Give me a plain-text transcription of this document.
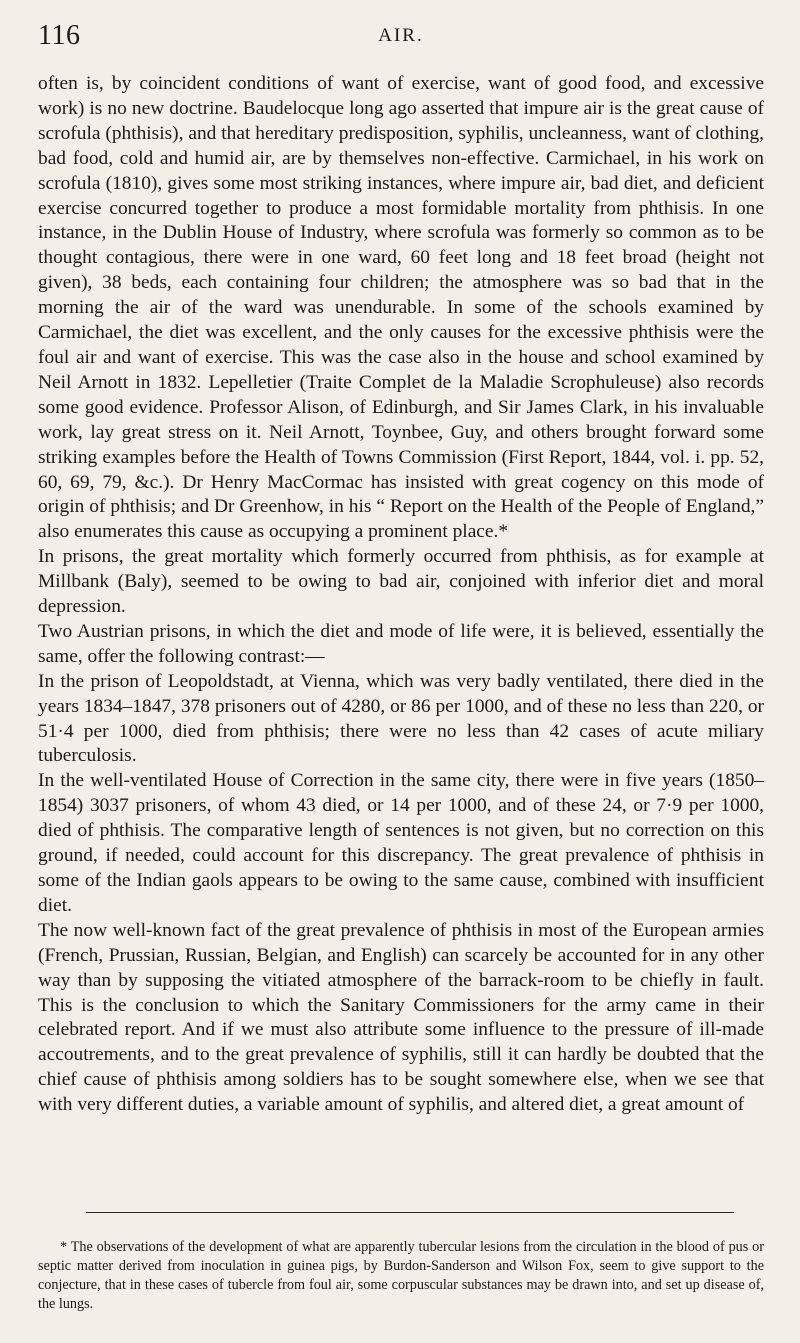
116	AIR.

often is, by coincident conditions of want of exercise, want of good food, and excessive work) is no new doctrine. Baudelocque long ago asserted that impure air is the great cause of scrofula (phthisis), and that hereditary predisposition, syphilis, uncleanness, want of clothing, bad food, cold and humid air, are by themselves non-effective. Carmichael, in his work on scrofula (1810), gives some most striking instances, where impure air, bad diet, and deficient exercise concurred together to produce a most formidable mortality from phthisis. In one instance, in the Dublin House of Industry, where scrofula was formerly so common as to be thought contagious, there were in one ward, 60 feet long and 18 feet broad (height not given), 38 beds, each containing four children; the atmosphere was so bad that in the morning the air of the ward was unendurable. In some of the schools examined by Carmichael, the diet was excellent, and the only causes for the excessive phthisis were the foul air and want of exercise. This was the case also in the house and school examined by Neil Arnott in 1832. Lepelletier (Traite Complet de la Maladie Scrophuleuse) also records some good evidence. Professor Alison, of Edinburgh, and Sir James Clark, in his invaluable work, lay great stress on it. Neil Arnott, Toynbee, Guy, and others brought forward some striking examples before the Health of Towns Commission (First Report, 1844, vol. i. pp. 52, 60, 69, 79, &c.). Dr Henry MacCormac has insisted with great cogency on this mode of origin of phthisis; and Dr Greenhow, in his “ Report on the Health of the People of England,” also enumerates this cause as occupying a prominent place.*

In prisons, the great mortality which formerly occurred from phthisis, as for example at Millbank (Baly), seemed to be owing to bad air, conjoined with inferior diet and moral depression.

Two Austrian prisons, in which the diet and mode of life were, it is believed, essentially the same, offer the following contrast:—

In the prison of Leopoldstadt, at Vienna, which was very badly ventilated, there died in the years 1834–1847, 378 prisoners out of 4280, or 86 per 1000, and of these no less than 220, or 51·4 per 1000, died from phthisis; there were no less than 42 cases of acute miliary tuberculosis.

In the well-ventilated House of Correction in the same city, there were in five years (1850–1854) 3037 prisoners, of whom 43 died, or 14 per 1000, and of these 24, or 7·9 per 1000, died of phthisis. The comparative length of sentences is not given, but no correction on this ground, if needed, could account for this discrepancy. The great prevalence of phthisis in some of the Indian gaols appears to be owing to the same cause, combined with insufficient diet.

The now well-known fact of the great prevalence of phthisis in most of the European armies (French, Prussian, Russian, Belgian, and English) can scarcely be accounted for in any other way than by supposing the vitiated atmosphere of the barrack-room to be chiefly in fault. This is the conclusion to which the Sanitary Commissioners for the army came in their celebrated report. And if we must also attribute some influence to the pressure of ill-made accoutrements, and to the great prevalence of syphilis, still it can hardly be doubted that the chief cause of phthisis among soldiers has to be sought somewhere else, when we see that with very different duties, a variable amount of syphilis, and altered diet, a great amount of

* The observations of the development of what are apparently tubercular lesions from the circulation in the blood of pus or septic matter derived from inoculation in guinea pigs, by Burdon-Sanderson and Wilson Fox, seem to give support to the conjecture, that in these cases of tubercle from foul air, some corpuscular substances may be drawn into, and set up disease of, the lungs.
